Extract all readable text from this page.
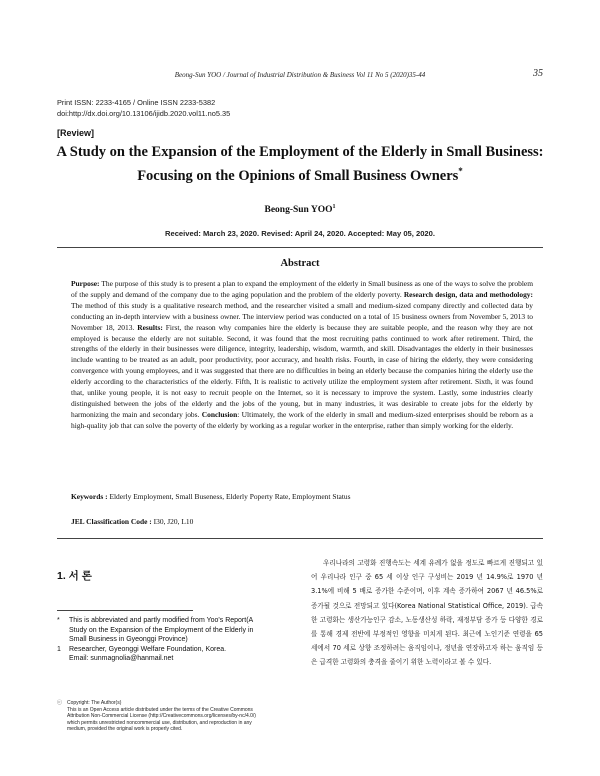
Beong-Sun YOO / Journal of Industrial Distribution & Business Vol 11 No 5 (2020)35-44	35
Print ISSN: 2233-4165 / Online ISSN 2233-5382
doi:http://dx.doi.org/10.13106/ijidb.2020.vol11.no5.35
[Review]
A Study on the Expansion of the Employment of the Elderly in Small Business: Focusing on the Opinions of Small Business Owners*
Beong-Sun YOO$^1$
Received: March 23, 2020. Revised: April 24, 2020. Accepted: May 05, 2020.
Abstract

Purpose: The purpose of this study is to present a plan to expand the employment of the elderly in Small business as one of the ways to solve the problem of the supply and demand of the company due to the aging population and the problem of the elderly poverty. Research design, data and methodology: The method of this study is a qualitative research method, and the researcher visited a small and medium-sized company directly and collected data by conducting an in-depth interview with a business owner. The interview period was conducted on a total of 15 business owners from November 5, 2013 to November 18, 2013. Results: First, the reason why companies hire the elderly is because they are suitable people, and the reason why they are not employed is because the elderly are not suitable. Second, it was found that the most recruiting paths continued to work after retirement. Third, the strengths of the elderly in their businesses were diligence, integrity, leadership, wisdom, warmth, and skill. Disadvantages the elderly in their businesses include wanting to be treated as an adult, poor productivity, poor accuracy, and health risks. Fourth, in case of hiring the elderly, they were considering convergence with young employees, and it was suggested that there are no difficulties in being an elderly because the companies hiring the elderly use the elderly according to the characteristics of the elderly. Fifth, It is realistic to actively utilize the employment system after retirement. Sixth, it was found that, unlike young people, it is not easy to recruit people on the Internet, so it is necessary to improve the system. Lastly, some industries clearly distinguished between the jobs of the elderly and the jobs of the young, but in many industries, it was desirable to create jobs for the elderly by harmonizing the main and secondary jobs. Conclusion: Ultimately, the work of the elderly in small and medium-sized enterprises should be reborn as a high-quality job that can solve the poverty of the elderly by working as a regular worker in the enterprise, rather than simply working for the elderly.

Keywords : Elderly Employment, Small Buseness, Elderly Poperty Rate, Employment Status
JEL Classification Code : I30, J20, L10
1. 서 론
*	This is abbreviated and partly modified from Yoo's Report(A
Study on the Expansion of the Employment of the Elderly in
Small Business in Gyeonggi Province)
1	Researcher, Gyeonggi Welfare Foundation, Korea.
Email: sunmagnolia@hanmail.net
ⓒ Copyright: The Author(s)
This is an Open Access article distributed under the terms of the Creative Commons
Attribution Non-Commercial License (http://Creativecommons.org/licenses/by-nc/4.0/)
which permits unrestricted noncommercial use, distribution, and reproduction in any
medium, provided the original work is properly cited.

우리나라의 고령화 진행속도는 세계 유례가 없을 정도로 빠르게 진행되고 있어 우리나라 인구 중 65 세 이상 인구 구성비는 2019 년 14.9%로 1970 년 3.1%에 비해 5 배로 증가한 수준이며, 이후 계속 증가하여 2067 년 46.5%로 증가될 것으로 전망되고 있다(Korea National Statistical Office, 2019). 급속한 고령화는 생산가능인구 감소, 노동생산성 하락, 재정부담 증가 등 다양한 경로를 통해 경제 전반에 부정적인 영향을 미치게 된다. 최근에 노인기준 연령을 65 세에서 70 세로 상향 조정하려는 움직임이나, 정년을 연장하고자 하는 움직임 등은 급격한 고령화의 충격을 줄이기 위한 노력이라고 볼 수 있다.
